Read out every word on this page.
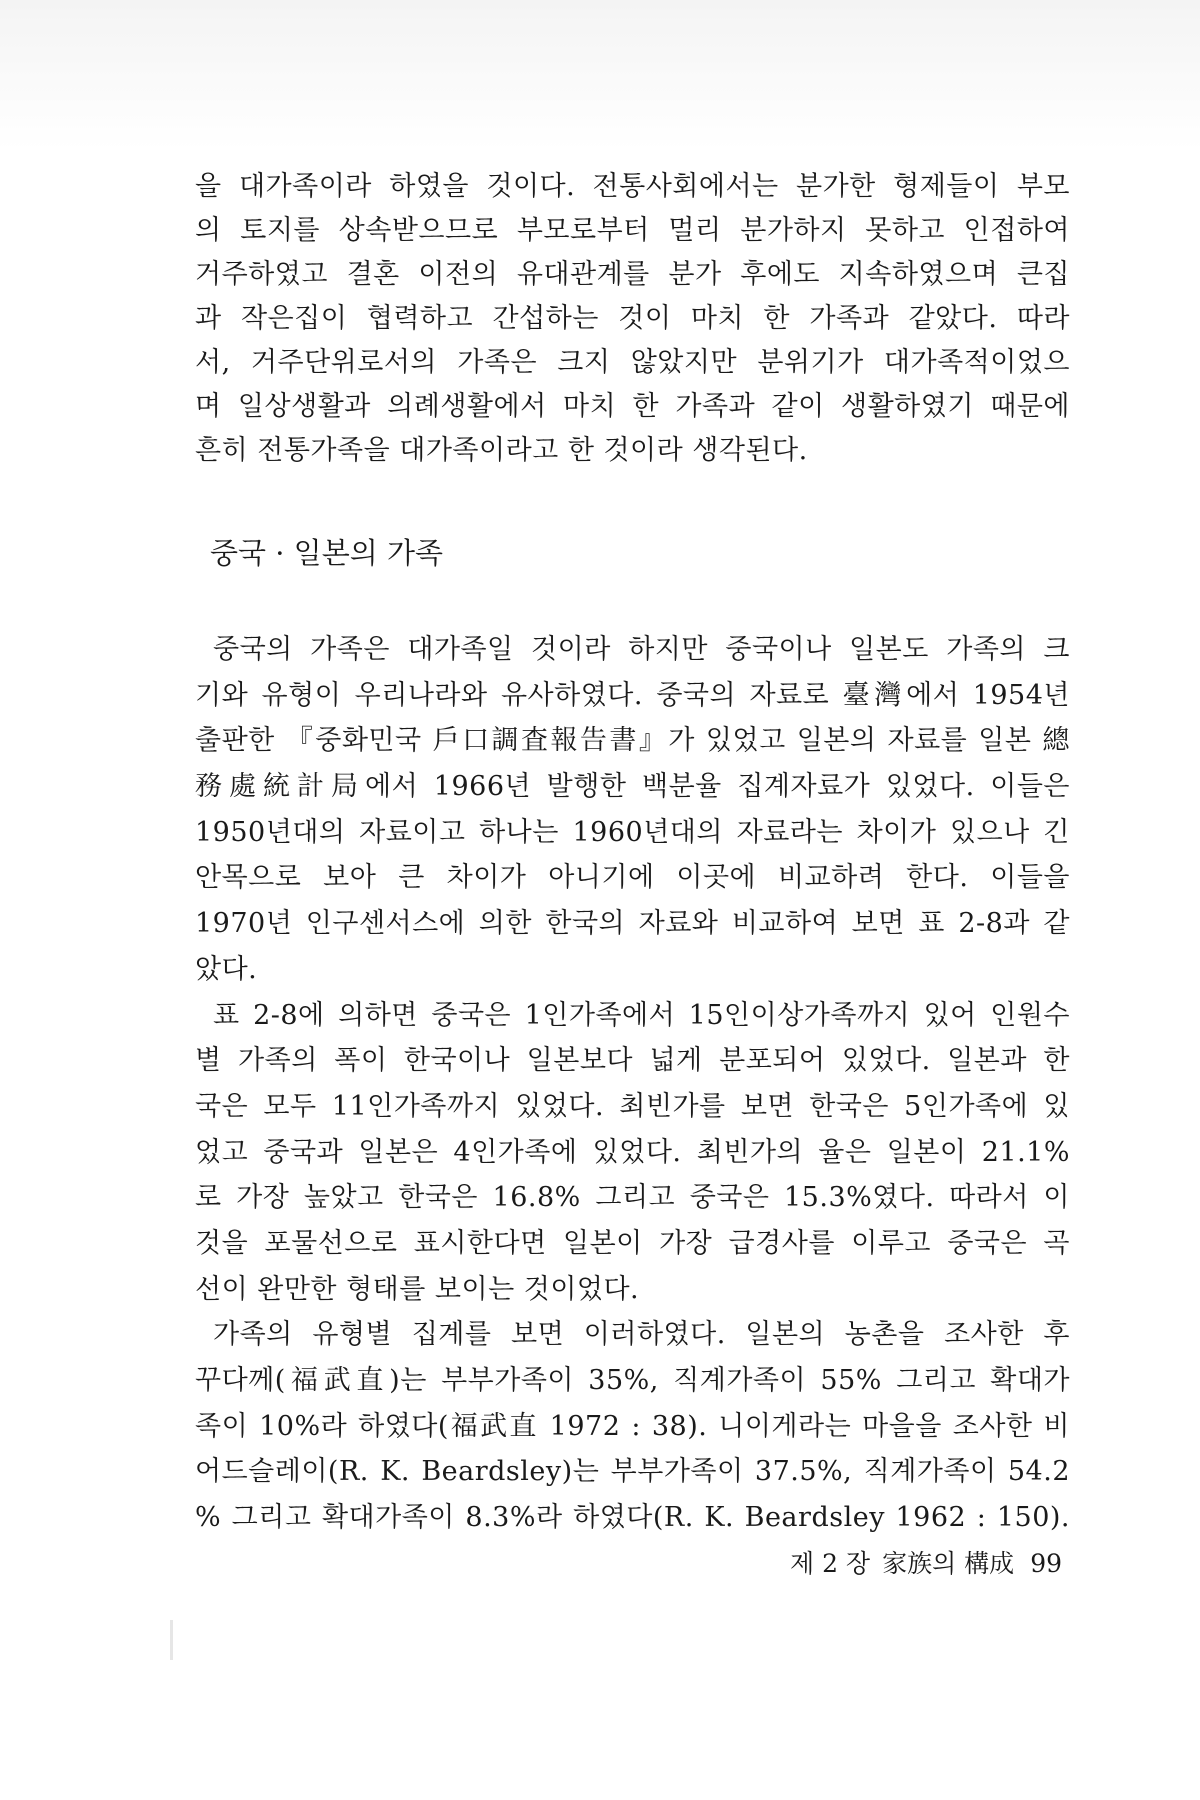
을 대가족이라 하였을 것이다. 전통사회에서는 분가한 형제들이 부모
의 토지를 상속받으므로 부모로부터 멀리 분가하지 못하고 인접하여
거주하였고 결혼 이전의 유대관계를 분가 후에도 지속하였으며 큰집
과 작은집이 협력하고 간섭하는 것이 마치 한 가족과 같았다. 따라
서, 거주단위로서의 가족은 크지 않았지만 분위기가 대가족적이었으
며 일상생활과 의례생활에서 마치 한 가족과 같이 생활하였기 때문에
흔히 전통가족을 대가족이라고 한 것이라 생각된다.
중국 · 일본의 가족
중국의 가족은 대가족일 것이라 하지만 중국이나 일본도 가족의 크
기와 유형이 우리나라와 유사하였다. 중국의 자료로 臺灣에서 1954년
출판한 『중화민국 戶口調査報告書』가 있었고 일본의 자료를 일본 總
務處統計局에서 1966년 발행한 백분율 집계자료가 있었다. 이들은
1950년대의 자료이고 하나는 1960년대의 자료라는 차이가 있으나 긴
안목으로 보아 큰 차이가 아니기에 이곳에 비교하려 한다. 이들을
1970년 인구센서스에 의한 한국의 자료와 비교하여 보면 표 2-8과 같
았다.
표 2-8에 의하면 중국은 1인가족에서 15인이상가족까지 있어 인원수
별 가족의 폭이 한국이나 일본보다 넓게 분포되어 있었다. 일본과 한
국은 모두 11인가족까지 있었다. 최빈가를 보면 한국은 5인가족에 있
었고 중국과 일본은 4인가족에 있었다. 최빈가의 율은 일본이 21.1%
로 가장 높았고 한국은 16.8% 그리고 중국은 15.3%였다. 따라서 이
것을 포물선으로 표시한다면 일본이 가장 급경사를 이루고 중국은 곡
선이 완만한 형태를 보이는 것이었다.
가족의 유형별 집계를 보면 이러하였다. 일본의 농촌을 조사한 후
꾸다께(福武直)는 부부가족이 35%, 직계가족이 55% 그리고 확대가
족이 10%라 하였다(福武直 1972 : 38). 니이게라는 마을을 조사한 비
어드슬레이(R. K. Beardsley)는 부부가족이 37.5%, 직계가족이 54.2
% 그리고 확대가족이 8.3%라 하였다(R. K. Beardsley 1962 : 150).
제 2 장 家族의 構成 99
